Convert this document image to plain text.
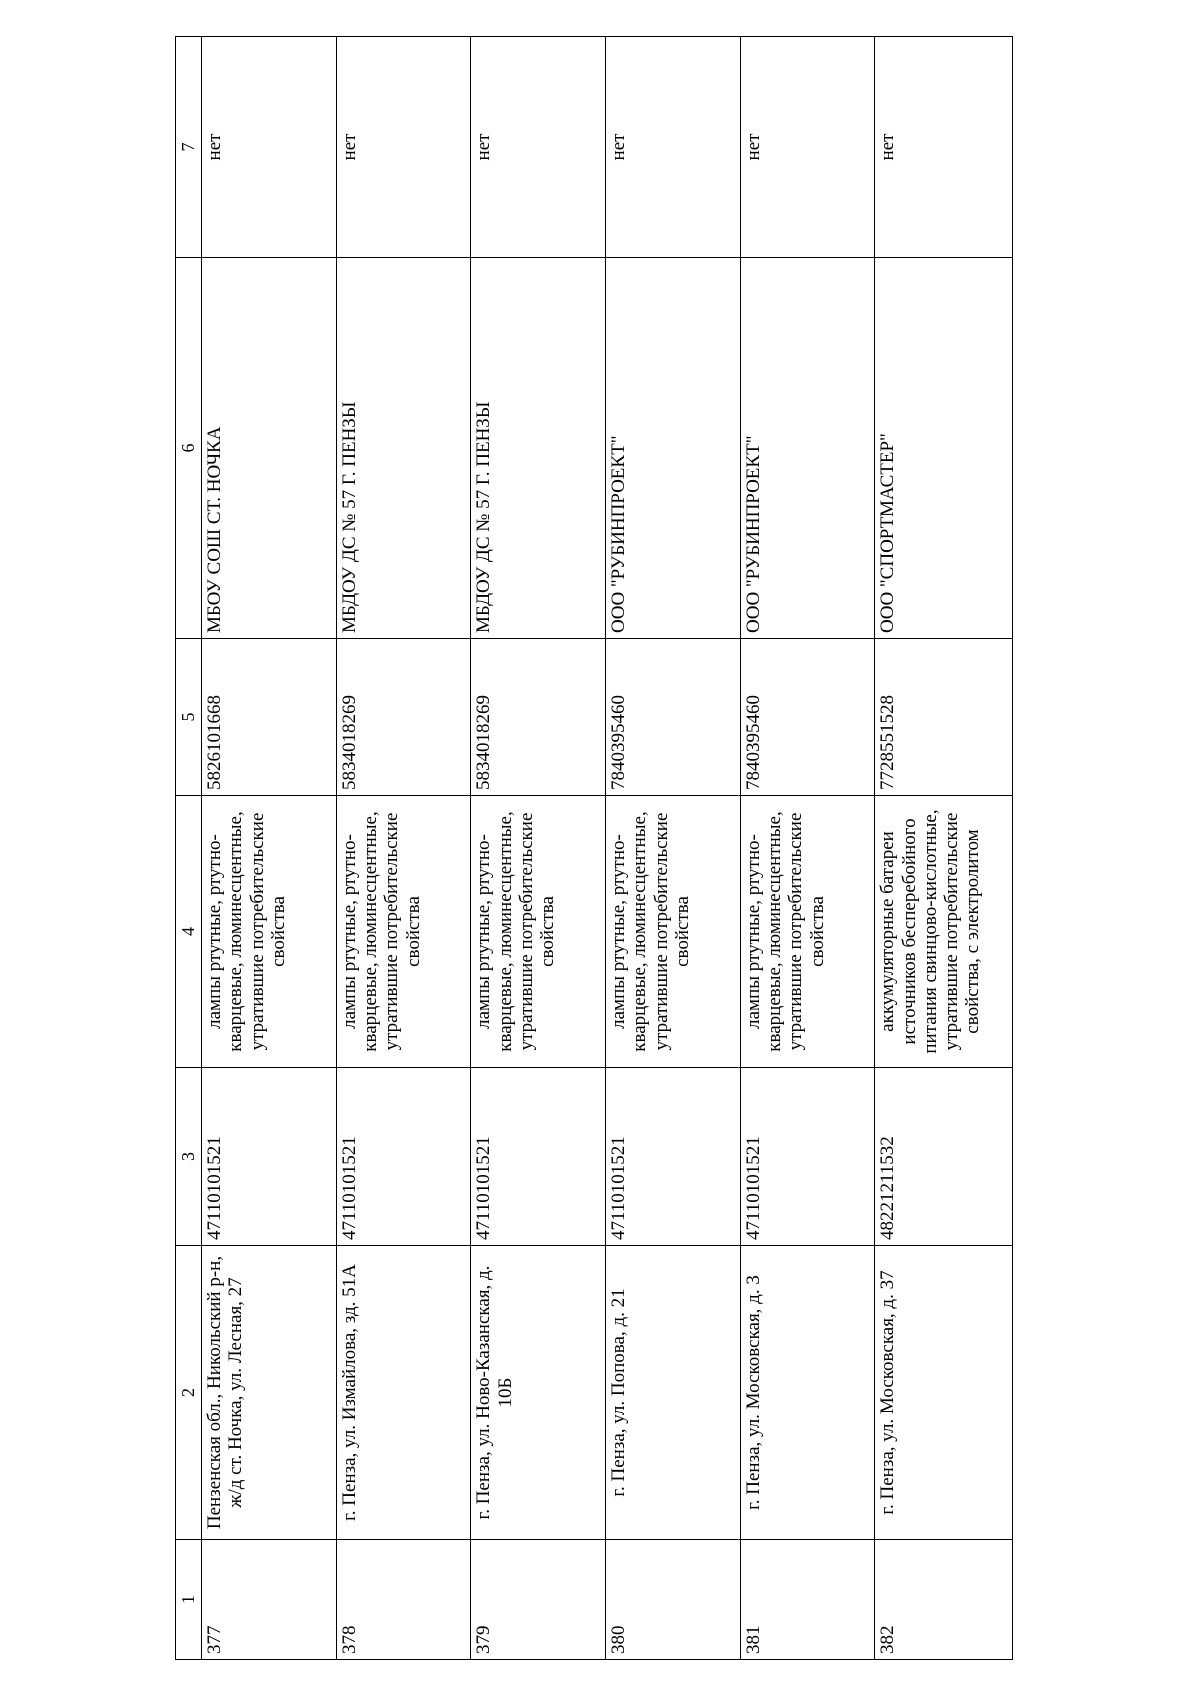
1	2	3	4	5	6	7
377	Пензенская обл., Никольский р-н, ж/д ст. Ночка, ул. Лесная, 27	47110101521	лампы ртутные, ртутно-кварцевые, люминесцентные, утратившие потребительские свойства	5826101668	МБОУ СОШ СТ. НОЧКА	нет
378	г. Пенза, ул. Измайлова, зд. 51А	47110101521	лампы ртутные, ртутно-кварцевые, люминесцентные, утратившие потребительские свойства	5834018269	МБДОУ ДС № 57 Г. ПЕНЗЫ	нет
379	г. Пенза, ул. Ново-Казанская, д. 10Б	47110101521	лампы ртутные, ртутно-кварцевые, люминесцентные, утратившие потребительские свойства	5834018269	МБДОУ ДС № 57 Г. ПЕНЗЫ	нет
380	г. Пенза, ул. Попова, д. 21	47110101521	лампы ртутные, ртутно-кварцевые, люминесцентные, утратившие потребительские свойства	7840395460	ООО "РУБИНПРОЕКТ"	нет
381	г. Пенза, ул. Московская, д. 3	47110101521	лампы ртутные, ртутно-кварцевые, люминесцентные, утратившие потребительские свойства	7840395460	ООО "РУБИНПРОЕКТ"	нет
382	г. Пенза, ул. Московская, д. 37	48221211532	аккумуляторные батареи источников бесперебойного питания свинцово-кислотные, утратившие потребительские свойства, с электролитом	7728551528	ООО "СПОРТМАСТЕР"	нет
